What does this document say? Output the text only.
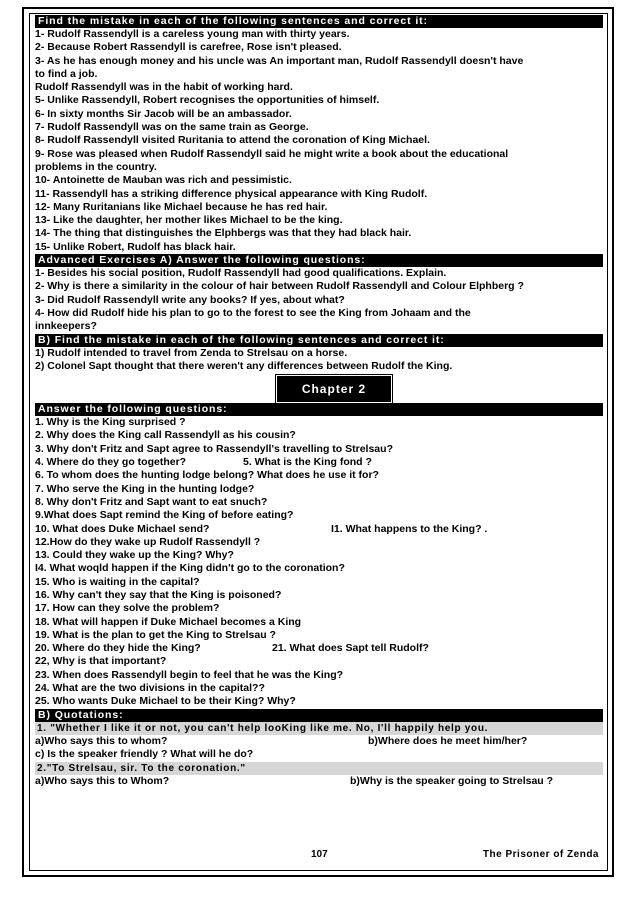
Find the mistake in each of the following sentences and correct it:
1- Rudolf Rassendyll is a careless young man with thirty years.
2- Because Robert Rassendyll is carefree, Rose isn't pleased.
3- As he has enough money and his uncle was An important man, Rudolf Rassendyll doesn't have
to find a job.
Rudolf Rassendyll was in the habit of working hard.
5- Unlike Rassendyll, Robert recognises the opportunities of himself.
6- In sixty months Sir Jacob will be an ambassador.
7- Rudolf Rassendyll was on the same train as George.
8- Rudolf Rassendyll visited Ruritania to attend the coronation of King Michael.
9- Rose was pleased when Rudolf Rassendyll said he might write a book about the educational
problems in the country.
10- Antoinette de Mauban was rich and pessimistic.
11- Rassendyll has a striking difference physical appearance with King Rudolf.
12- Many Ruritanians like Michael because he has red hair.
13- Like the daughter, her mother likes Michael to be the king.
14- The thing that distinguishes the Elphbergs was that they had black hair.
15- Unlike Robert, Rudolf has black hair.
Advanced Exercises A) Answer the following questions:
1- Besides his social position, Rudolf Rassendyll had good qualifications. Explain.
2- Why is there a similarity in the colour of hair between Rudolf Rassendyll and Colour Elphberg ?
3- Did Rudolf Rassendyll write any books? If yes, about what?
4- How did Rudolf hide his plan to go to the forest to see the King from Johaam and the
innkeepers?
B) Find the mistake in each of the following sentences and correct it:
1) Rudolf intended to travel from Zenda to Strelsau on a horse.
2) Colonel Sapt thought that there weren't any differences between Rudolf the King.
Chapter 2
Answer the following questions:
1. Why is the King surprised ?
2. Why does the King call Rassendyll as his cousin?
3. Why don't Fritz and Sapt agree to Rassendyll's travelling to Strelsau?
4. Where do they go together?	5. What is the King fond ?
6. To whom does the hunting lodge belong? What does he use it for?
7. Who serve the King in the hunting lodge?
8. Why don't Fritz and Sapt want to eat snuch?
9.What does Sapt remind the King of before eating?
10. What does Duke Michael send?	I1. What happens to the King? .
12.How do they wake up Rudolf Rassendyll ?
13. Could they wake up the King? Why?
I4. What woqld happen if the King didn't go to the coronation?
15. Who is waiting in the capital?
16. Why can't they say that the King is poisoned?
17. How can they solve the problem?
18. What will happen if Duke Michael becomes a King
19. What is the plan to get the King to Strelsau ?
20. Where do they hide the King?	21. What does Sapt tell Rudolf?
22, Why is that important?
23. When does Rassendyll begin to feel that he was the King?
24. What are the two divisions in the capital??
25. Who wants Duke Michael to be their King? Why?
B) Quotations:
1. "Whether I like it or not, you can't help looKing like me. No, I'll happily help you.
a)Who says this to whom?	b)Where does he meet him/her?
c) Is the speaker friendly ? What will he do?
2."To Strelsau, sir. To the coronation."
a)Who says this to Whom?	b)Why is the speaker going to Strelsau ?
107	The Prisoner of Zenda
